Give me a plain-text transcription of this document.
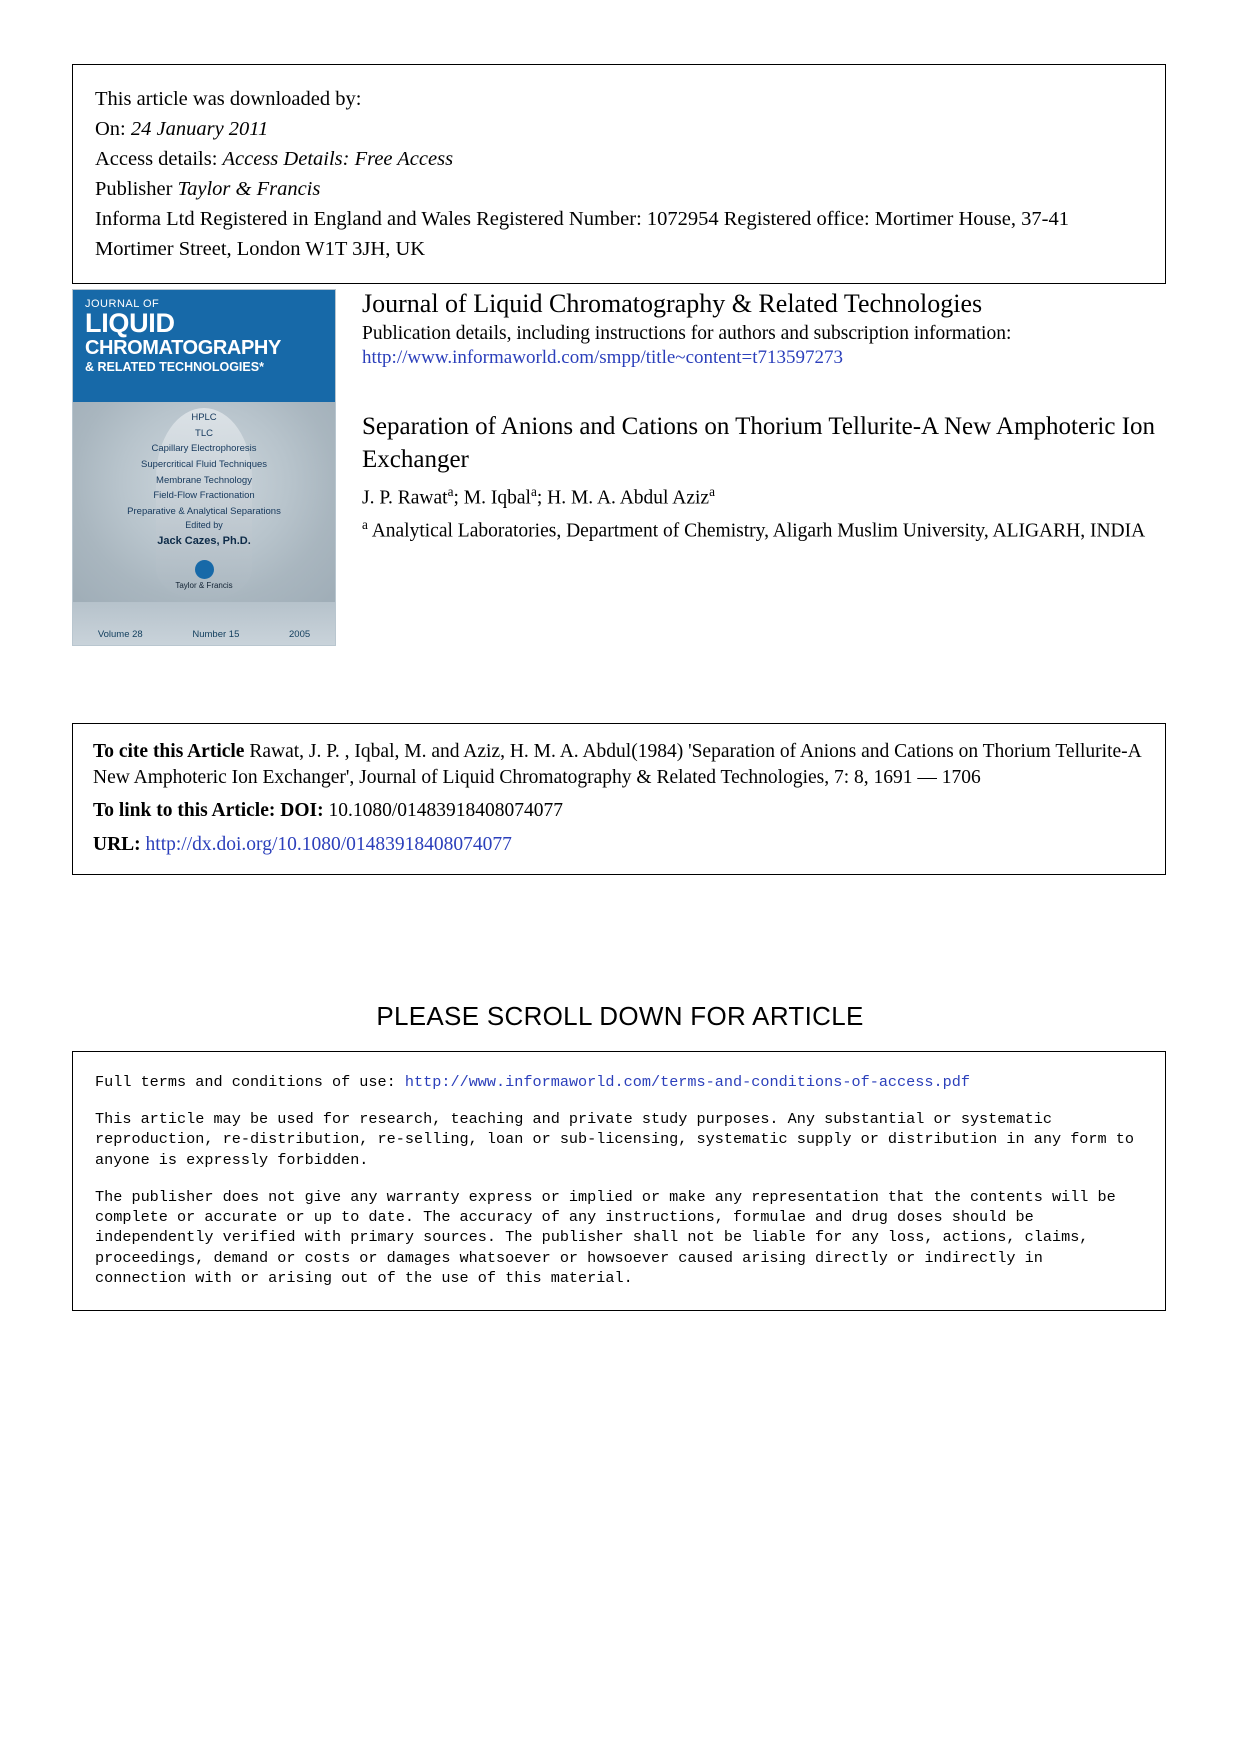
This article was downloaded by:
On: 24 January 2011
Access details: Access Details: Free Access
Publisher Taylor & Francis
Informa Ltd Registered in England and Wales Registered Number: 1072954 Registered office: Mortimer House, 37-41 Mortimer Street, London W1T 3JH, UK
JOURNAL OF
LIQUID
CHROMATOGRAPHY
& RELATED TECHNOLOGIES*
HPLC
TLC
Capillary Electrophoresis
Supercritical Fluid Techniques
Membrane Technology
Field-Flow Fractionation
Preparative & Analytical Separations
Edited by
Jack Cazes, Ph.D.
Taylor & Francis
Volume 28	Number 15	2005
Journal of Liquid Chromatography & Related Technologies
Publication details, including instructions for authors and subscription information:
http://www.informaworld.com/smpp/title~content=t713597273
Separation of Anions and Cations on Thorium Tellurite-A New Amphoteric Ion Exchanger
J. P. Rawat$^a$; M. Iqbal$^a$; H. M. A. Abdul Aziz$^a$
$^a$ Analytical Laboratories, Department of Chemistry, Aligarh Muslim University, ALIGARH, INDIA
To cite this Article Rawat, J. P. , Iqbal, M. and Aziz, H. M. A. Abdul(1984) 'Separation of Anions and Cations on Thorium Tellurite-A New Amphoteric Ion Exchanger', Journal of Liquid Chromatography & Related Technologies, 7: 8, 1691 — 1706
To link to this Article: DOI: 10.1080/01483918408074077
URL: http://dx.doi.org/10.1080/01483918408074077
PLEASE SCROLL DOWN FOR ARTICLE

Full terms and conditions of use: http://www.informaworld.com/terms-and-conditions-of-access.pdf

This article may be used for research, teaching and private study purposes. Any substantial or systematic reproduction, re-distribution, re-selling, loan or sub-licensing, systematic supply or distribution in any form to anyone is expressly forbidden.

The publisher does not give any warranty express or implied or make any representation that the contents will be complete or accurate or up to date. The accuracy of any instructions, formulae and drug doses should be independently verified with primary sources. The publisher shall not be liable for any loss, actions, claims, proceedings, demand or costs or damages whatsoever or howsoever caused arising directly or indirectly in connection with or arising out of the use of this material.
